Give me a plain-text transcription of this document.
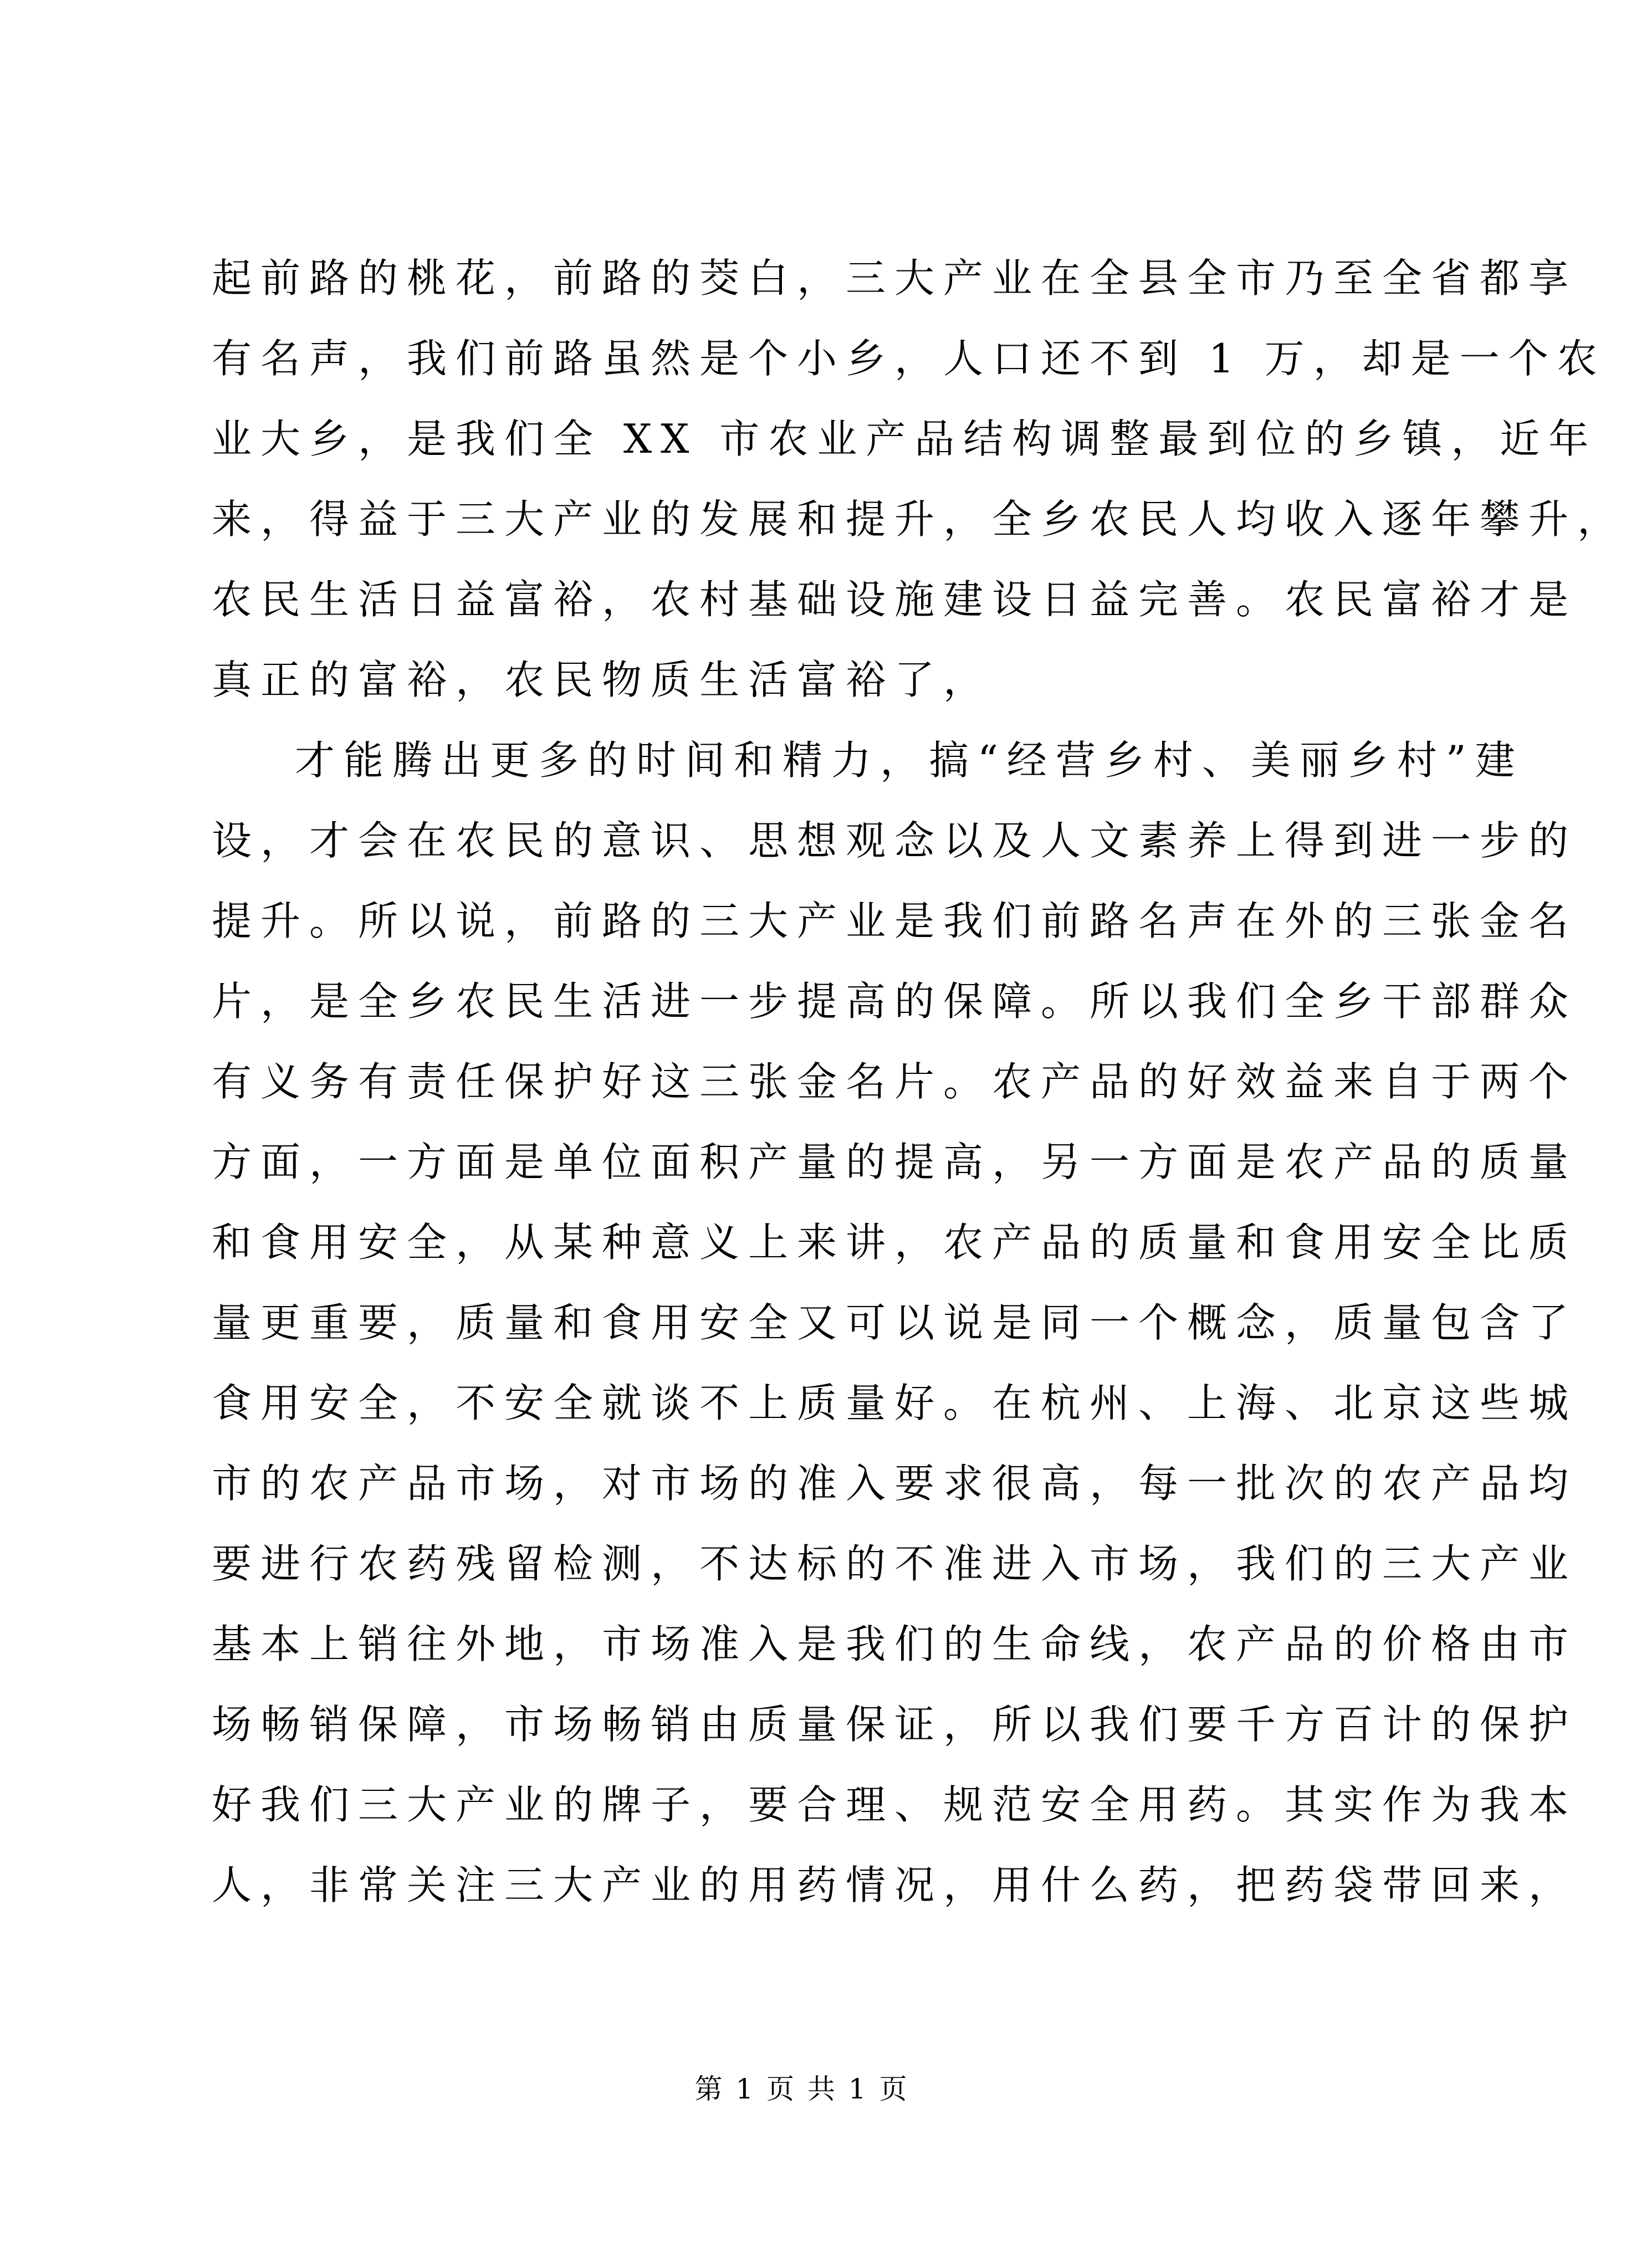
起前路的桃花，前路的茭白，三大产业在全县全市乃至全省都享
有名声，我们前路虽然是个小乡，人口还不到 1 万，却是一个农
业大乡，是我们全 XX 市农业产品结构调整最到位的乡镇，近年
来，得益于三大产业的发展和提升，全乡农民人均收入逐年攀升，
农民生活日益富裕，农村基础设施建设日益完善。农民富裕才是
真正的富裕，农民物质生活富裕了，
才能腾出更多的时间和精力，搞“经营乡村、美丽乡村”建
设，才会在农民的意识、思想观念以及人文素养上得到进一步的
提升。所以说，前路的三大产业是我们前路名声在外的三张金名
片，是全乡农民生活进一步提高的保障。所以我们全乡干部群众
有义务有责任保护好这三张金名片。农产品的好效益来自于两个
方面，一方面是单位面积产量的提高，另一方面是农产品的质量
和食用安全，从某种意义上来讲，农产品的质量和食用安全比质
量更重要，质量和食用安全又可以说是同一个概念，质量包含了
食用安全，不安全就谈不上质量好。在杭州、上海、北京这些城
市的农产品市场，对市场的准入要求很高，每一批次的农产品均
要进行农药残留检测，不达标的不准进入市场，我们的三大产业
基本上销往外地，市场准入是我们的生命线，农产品的价格由市
场畅销保障，市场畅销由质量保证，所以我们要千方百计的保护
好我们三大产业的牌子，要合理、规范安全用药。其实作为我本
人，非常关注三大产业的用药情况，用什么药，把药袋带回来，
第 1 页 共 1 页
